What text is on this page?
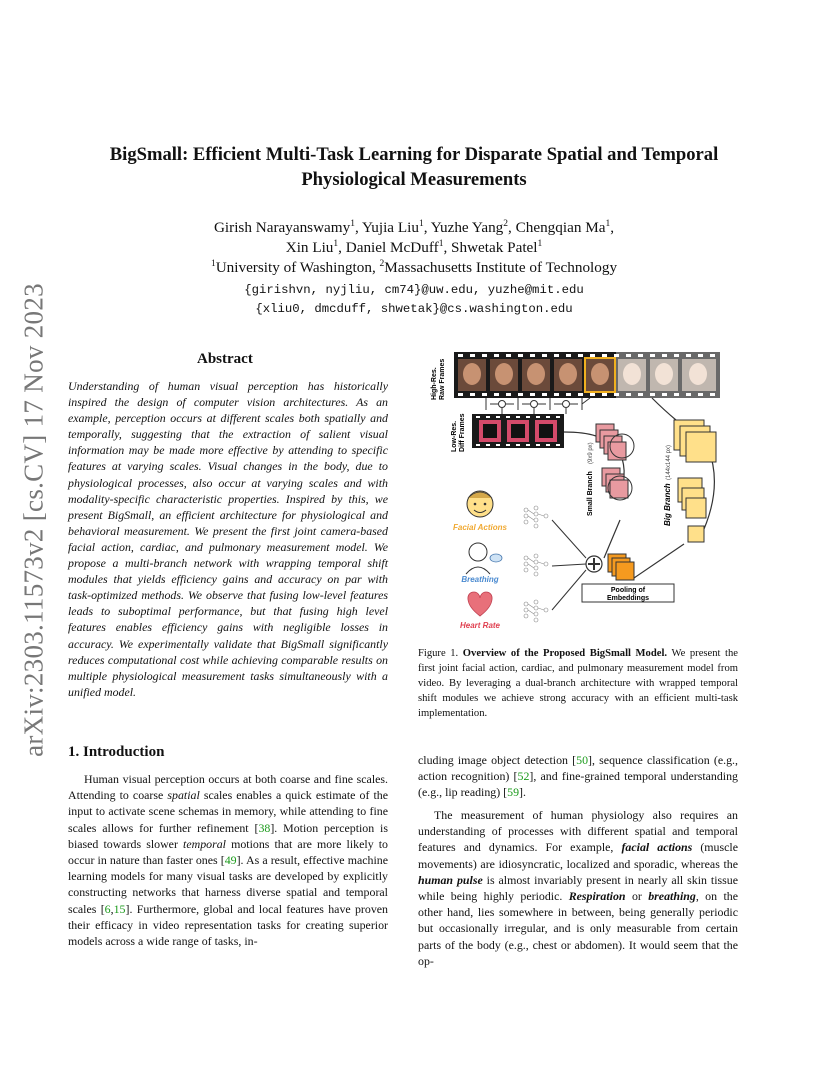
arXiv:2303.11573v2 [cs.CV] 17 Nov 2023
BigSmall: Efficient Multi-Task Learning for Disparate Spatial and Temporal
Physiological Measurements
Girish Narayanswamy$^1$, Yujia Liu$^1$, Yuzhe Yang$^2$, Chengqian Ma$^1$,
Xin Liu$^1$, Daniel McDuff$^1$, Shwetak Patel$^1$
$^1$University of Washington, $^2$Massachusetts Institute of Technology
{girishvn, nyjliu, cm74}@uw.edu, yuzhe@mit.edu
{xliu0, dmcduff, shwetak}@cs.washington.edu
Abstract

Understanding of human visual perception has historically inspired the design of computer vision architectures. As an example, perception occurs at different scales both spatially and temporally, suggesting that the extraction of salient visual information may be made more effective by attending to specific features at varying scales. Visual changes in the body, due to physiological processes, also occur at varying scales and with modality-specific characteristic properties. Inspired by this, we present BigSmall, an efficient architecture for physiological and behavioral measurement. We present the first joint camera-based facial action, cardiac, and pulmonary measurement model. We propose a multi-branch network with wrapping temporal shift modules that yields efficiency gains and accuracy on par with task-optimized methods. We observe that fusing low-level features leads to suboptimal performance, but that fusing high level features enables efficiency gains with negligible losses in accuracy. We experimentally validate that BigSmall significantly reduces computational cost while achieving comparable results on multiple physiological measurement tasks simultaneously with a unified model.

High-Res. Raw Frames
Low-Res. Diff Frames
Small Branch
(9x9 px)
Big Branch
(144x144 px)
Pooling of
Embeddings
Facial Actions
Breathing
Heart Rate

Figure 1. Overview of the Proposed BigSmall Model. We present the first joint facial action, cardiac, and pulmonary measurement model from video. By leveraging a dual-branch architecture with wrapped temporal shift modules we achieve strong accuracy with an efficient multi-task implementation.

1. Introduction

Human visual perception occurs at both coarse and fine scales. Attending to coarse spatial scales enables a quick estimate of the input to activate scene schemas in memory, while attending to fine scales allows for further refinement [38]. Motion perception is biased towards slower temporal motions that are more likely to occur in nature than faster ones [49]. As a result, effective machine learning models for many visual tasks are developed by explicitly constructing networks that harness diverse spatial and temporal scales [6,15]. Furthermore, global and local features have proven their efficacy in video representation tasks for creating superior models across a wide range of tasks, in-

cluding image object detection [50], sequence classification (e.g., action recognition) [52], and fine-grained temporal understanding (e.g., lip reading) [59].

The measurement of human physiology also requires an understanding of processes with different spatial and temporal features and dynamics. For example, facial actions (muscle movements) are idiosyncratic, localized and sporadic, whereas the human pulse is almost invariably present in nearly all skin tissue while being highly periodic. Respiration or breathing, on the other hand, lies somewhere in between, being generally periodic but occasionally irregular, and is only measurable from certain parts of the body (e.g., chest or abdomen). It would seem that the op-
